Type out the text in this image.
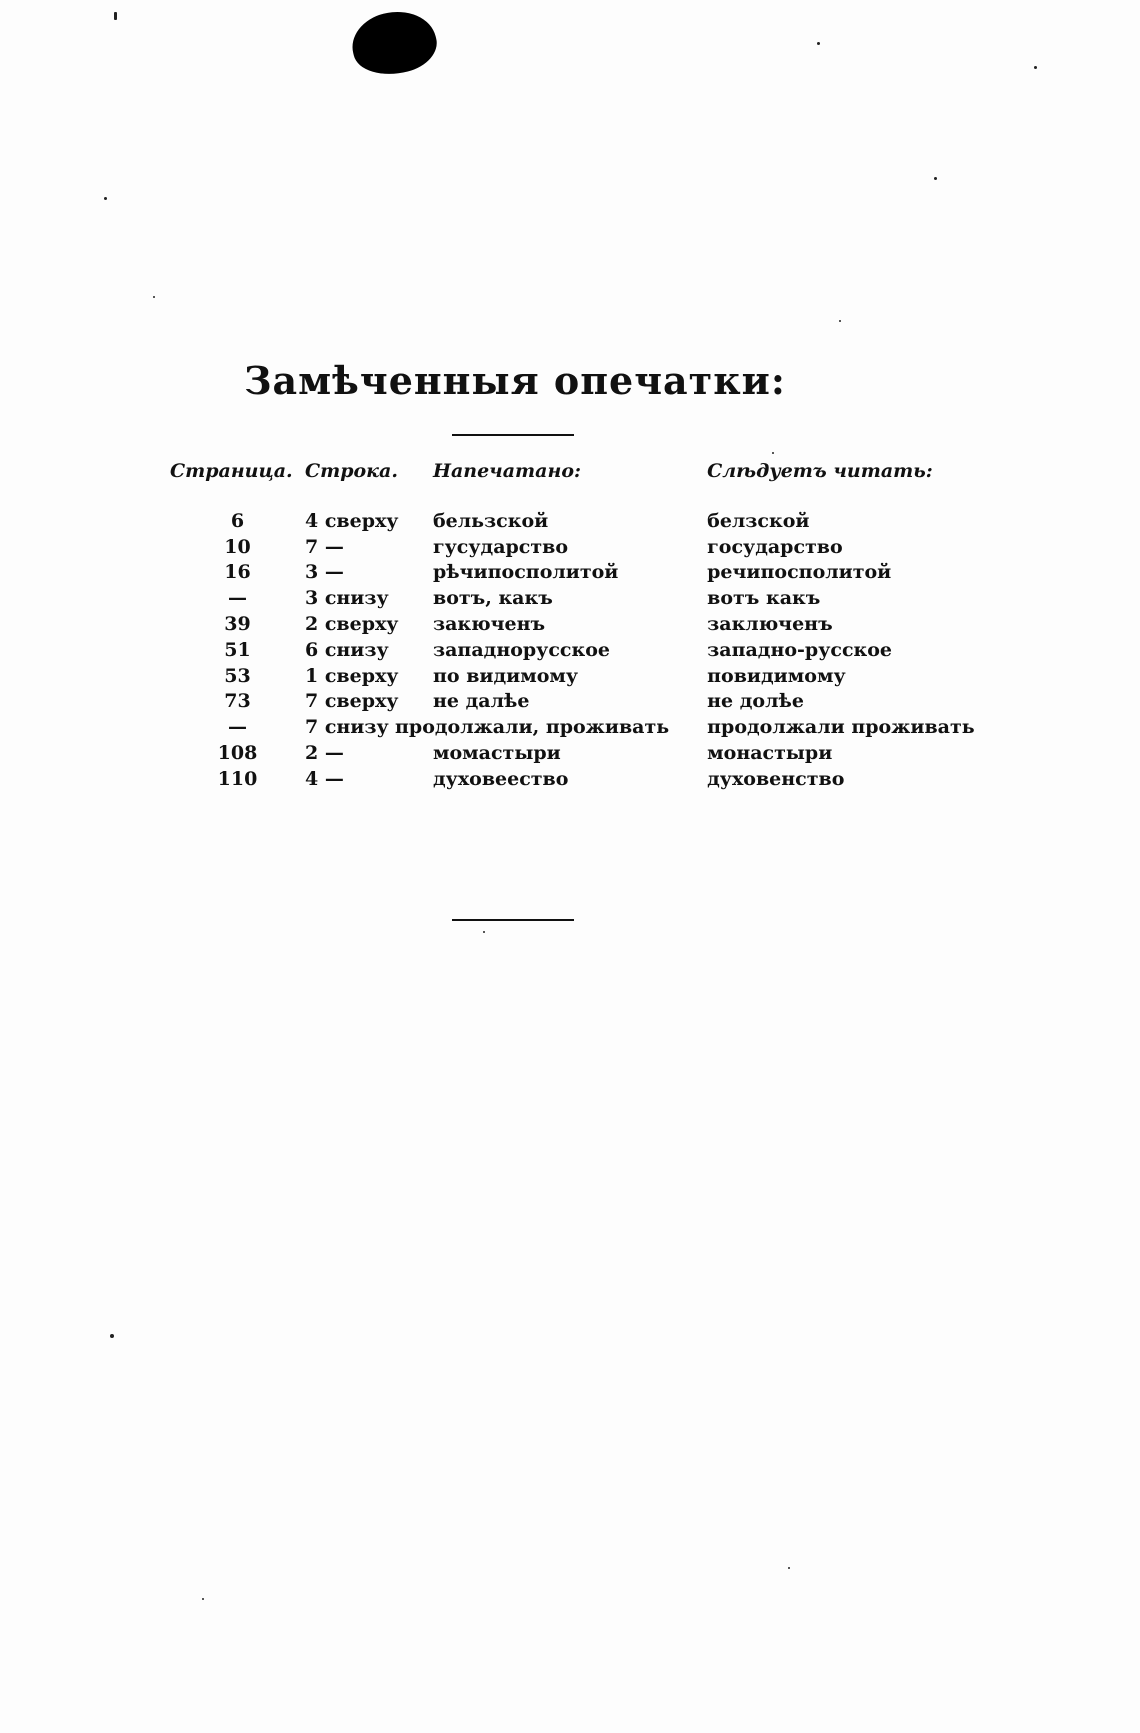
Замѣченныя опечатки:
Страница.	Строка.	Напечатано:	Слѣдуетъ читать:
6	4 сверху	бельзской	белзской
10	7 —	гусударство	государство
16	3 —	рѣчипосполитой	речипосполитой
—	3 снизу	вотъ, какъ	вотъ какъ
39	2 сверху	закюченъ	заключенъ
51	6 снизу	западнорусское	западно-русское
53	1 сверху	по видимому	повидимому
73	7 сверху	не далѣе	не долѣе
—	7 снизу	продолжали, проживать	продолжали проживать
108	2 —	момастыри	монастыри
110	4 —	духовеество	духовенство
